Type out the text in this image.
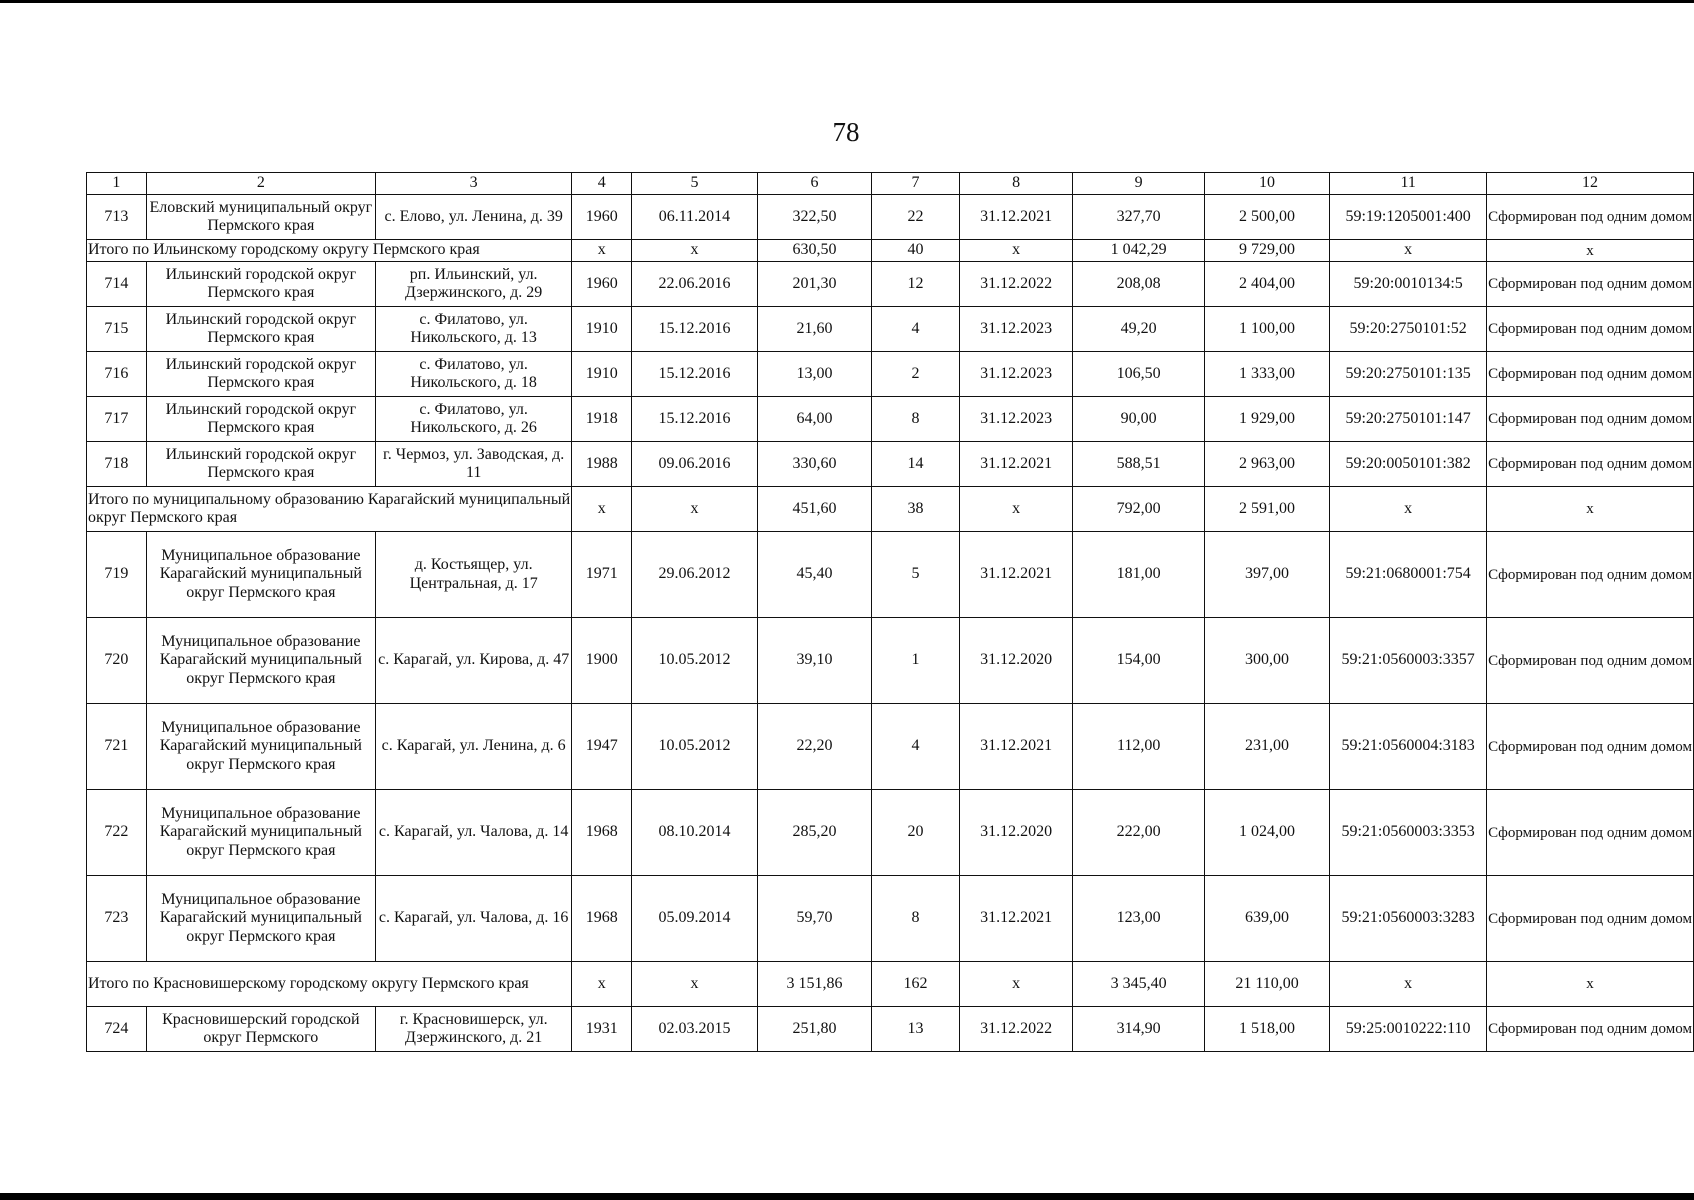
78
1	2	3	4	5	6	7	8	9	10	11	12
713	Еловский муниципальный округ Пермского края	с. Елово, ул. Ленина, д. 39	1960	06.11.2014	322,50	22	31.12.2021	327,70	2 500,00	59:19:1205001:400	Сформирован под одним домом
Итого по Ильинскому городскому округу Пермского края			x	x	630,50	40	x	1 042,29	9 729,00	x	x
714	Ильинский городской округ Пермского края	рп. Ильинский, ул. Дзержинского, д. 29	1960	22.06.2016	201,30	12	31.12.2022	208,08	2 404,00	59:20:0010134:5	Сформирован под одним домом
715	Ильинский городской округ Пермского края	с. Филатово, ул. Никольского, д. 13	1910	15.12.2016	21,60	4	31.12.2023	49,20	1 100,00	59:20:2750101:52	Сформирован под одним домом
716	Ильинский городской округ Пермского края	с. Филатово, ул. Никольского, д. 18	1910	15.12.2016	13,00	2	31.12.2023	106,50	1 333,00	59:20:2750101:135	Сформирован под одним домом
717	Ильинский городской округ Пермского края	с. Филатово, ул. Никольского, д. 26	1918	15.12.2016	64,00	8	31.12.2023	90,00	1 929,00	59:20:2750101:147	Сформирован под одним домом
718	Ильинский городской округ Пермского края	г. Чермоз, ул. Заводская, д. 11	1988	09.06.2016	330,60	14	31.12.2021	588,51	2 963,00	59:20:0050101:382	Сформирован под одним домом
Итого по муниципальному образованию Карагайский муниципальный округ Пермского края			x	x	451,60	38	x	792,00	2 591,00	x	x
719	Муниципальное образование Карагайский муниципальный округ Пермского края	д. Костьящер, ул. Центральная, д. 17	1971	29.06.2012	45,40	5	31.12.2021	181,00	397,00	59:21:0680001:754	Сформирован под одним домом
720	Муниципальное образование Карагайский муниципальный округ Пермского края	с. Карагай, ул. Кирова, д. 47	1900	10.05.2012	39,10	1	31.12.2020	154,00	300,00	59:21:0560003:3357	Сформирован под одним домом
721	Муниципальное образование Карагайский муниципальный округ Пермского края	с. Карагай, ул. Ленина, д. 6	1947	10.05.2012	22,20	4	31.12.2021	112,00	231,00	59:21:0560004:3183	Сформирован под одним домом
722	Муниципальное образование Карагайский муниципальный округ Пермского края	с. Карагай, ул. Чалова, д. 14	1968	08.10.2014	285,20	20	31.12.2020	222,00	1 024,00	59:21:0560003:3353	Сформирован под одним домом
723	Муниципальное образование Карагайский муниципальный округ Пермского края	с. Карагай, ул. Чалова, д. 16	1968	05.09.2014	59,70	8	31.12.2021	123,00	639,00	59:21:0560003:3283	Сформирован под одним домом
Итого по Красновишерскому городскому округу Пермского края			x	x	3 151,86	162	x	3 345,40	21 110,00	x	x
724	Красновишерский городской округ Пермского	г. Красновишерск, ул. Дзержинского, д. 21	1931	02.03.2015	251,80	13	31.12.2022	314,90	1 518,00	59:25:0010222:110	Сформирован под одним домом
